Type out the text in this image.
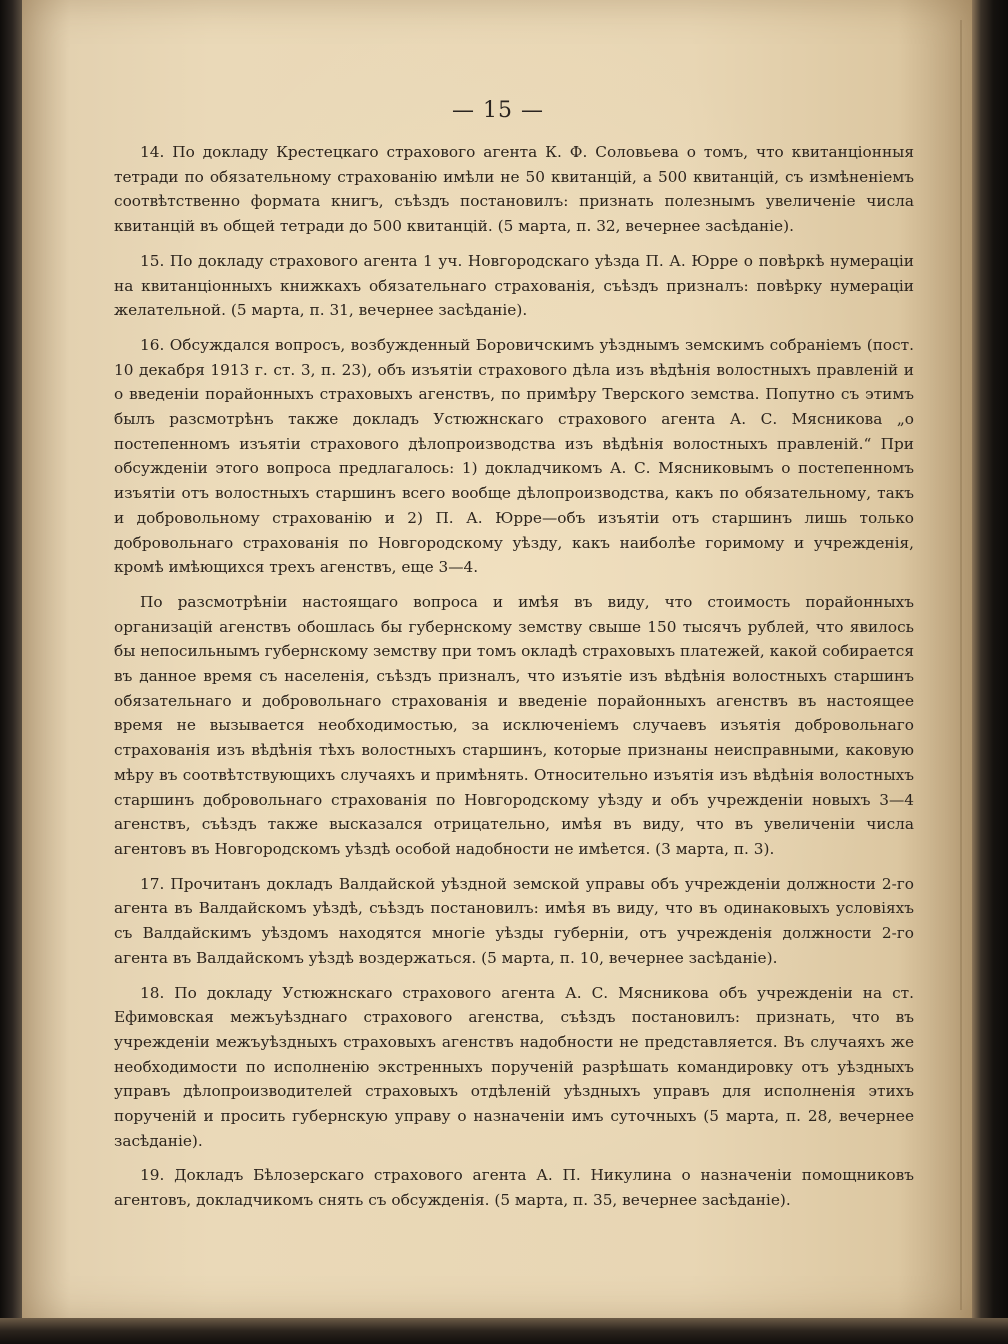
— 15 —

14. По докладу Крестецкаго страхового агента К. Ф. Соловьева о томъ, что квитанціонныя тетради по обязательному страхованію имѣли не 50 квитанцій, а 500 квитанцій, съ измѣненіемъ соотвѣтственно формата книгъ, съѣздъ постановилъ: признать полезнымъ увеличеніе числа квитанцій въ общей тетради до 500 квитанцій. (5 марта, п. 32, вечернее засѣданіе).

15. По докладу страхового агента 1 уч. Новгородскаго уѣзда П. А. Юрре о повѣркѣ нумераціи на квитанціонныхъ книжкахъ обязательнаго страхованія, съѣздъ призналъ: повѣрку нумераціи желательной. (5 марта, п. 31, вечернее засѣданіе).

16. Обсуждался вопросъ, возбужденный Боровичскимъ уѣзднымъ земскимъ собраніемъ (пост. 10 декабря 1913 г. ст. 3, п. 23), объ изъятіи страхового дѣла изъ вѣдѣнія волостныхъ правленій и о введеніи порайонныхъ страховыхъ агенствъ, по примѣру Тверского земства. Попутно съ этимъ былъ разсмотрѣнъ также докладъ Устюжнскаго страхового агента А. С. Мясникова „о постепенномъ изъятіи страхового дѣлопроизводства изъ вѣдѣнія волостныхъ правленій.“ При обсужденіи этого вопроса предлагалось: 1) докладчикомъ А. С. Мясниковымъ о постепенномъ изъятіи отъ волостныхъ старшинъ всего вообще дѣлопроизводства, какъ по обязательному, такъ и добровольному страхованію и 2) П. А. Юрре—объ изъятіи отъ старшинъ лишь только добровольнаго страхованія по Новгородскому уѣзду, какъ наиболѣе горимому и учрежденія, кромѣ имѣющихся трехъ агенствъ, еще 3—4.

По разсмотрѣніи настоящаго вопроса и имѣя въ виду, что стоимость порайонныхъ организацій агенствъ обошлась бы губернскому земству свыше 150 тысячъ рублей, что явилось бы непосильнымъ губернскому земству при томъ окладѣ страховыхъ платежей, какой собирается въ данное время съ населенія, съѣздъ призналъ, что изъятіе изъ вѣдѣнія волостныхъ старшинъ обязательнаго и добровольнаго страхованія и введеніе порайонныхъ агенствъ въ настоящее время не вызывается необходимостью, за исключеніемъ случаевъ изъятія добровольнаго страхованія изъ вѣдѣнія тѣхъ волостныхъ старшинъ, которые признаны неисправными, каковую мѣру въ соотвѣтствующихъ случаяхъ и примѣнять. Относительно изъятія изъ вѣдѣнія волостныхъ старшинъ добровольнаго страхованія по Новгородскому уѣзду и объ учрежденіи новыхъ 3—4 агенствъ, съѣздъ также высказался отрицательно, имѣя въ виду, что въ увеличеніи числа агентовъ въ Новгородскомъ уѣздѣ особой надобности не имѣется. (3 марта, п. 3).

17. Прочитанъ докладъ Валдайской уѣздной земской управы объ учрежденіи должности 2-го агента въ Валдайскомъ уѣздѣ, съѣздъ постановилъ: имѣя въ виду, что въ одинаковыхъ условіяхъ съ Валдайскимъ уѣздомъ находятся многіе уѣзды губерніи, отъ учрежденія должности 2-го агента въ Валдайскомъ уѣздѣ воздержаться. (5 марта, п. 10, вечернее засѣданіе).

18. По докладу Устюжнскаго страхового агента А. С. Мясникова объ учрежденіи на ст. Ефимовская межъуѣзднаго страхового агенства, съѣздъ постановилъ: признать, что въ учрежденіи межъуѣздныхъ страховыхъ агенствъ надобности не представляется. Въ случаяхъ же необходимости по исполненію экстренныхъ порученій разрѣшать командировку отъ уѣздныхъ управъ дѣлопроизводителей страховыхъ отдѣленій уѣздныхъ управъ для исполненія этихъ порученій и просить губернскую управу о назначеніи имъ суточныхъ (5 марта, п. 28, вечернее засѣданіе).

19. Докладъ Бѣлозерскаго страхового агента А. П. Никулина о назначеніи помощниковъ агентовъ, докладчикомъ снять съ обсужденія. (5 марта, п. 35, вечернее засѣданіе).
